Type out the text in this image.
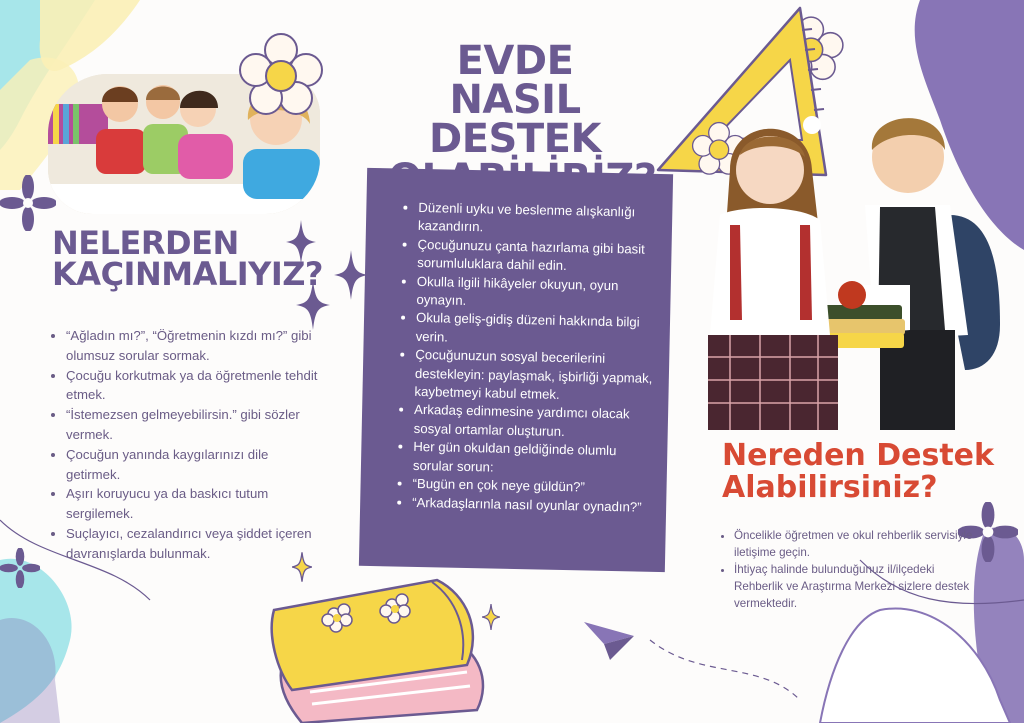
EVDE NASIL DESTEK
• Düzenli uyku ve beslenme alışkanlığı kazandırın.
• Çocuğunuzu çanta hazırlama gibi basit sorumluluklara dahil edin.
• Okulla ilgili hikâyeler okuyun, oyun oynayın.
• Okula geliş-gidiş düzeni hakkında bilgi verin.
• Çocuğunuzun sosyal becerilerini destekleyin: paylaşmak, işbirliği yapmak, kaybetmeyi kabul etmek.
• Arkadaş edinmesine yardımcı olacak sosyal ortamlar oluşturun.
• Her gün okuldan geldiğinde olumlu sorular sorun:
• “Bugün en çok neye güldün?”
• “Arkadaşlarınla nasıl oyunlar oynadın?”
NELERDEN KAÇINMALIYIZ?
• “Ağladın mı?”, “Öğretmenin kızdı mı?” gibi olumsuz sorular sormak.
• Çocuğu korkutmak ya da öğretmenle tehdit etmek.
• “İstemezsen gelmeyebilirsin.” gibi sözler vermek.
• Çocuğun yanında kaygılarınızı dile getirmek.
• Aşırı koruyucu ya da baskıcı tutum sergilemek.
• Suçlayıcı, cezalandırıcı veya şiddet içeren davranışlarda bulunmak.
Nereden Destek Alabilirsiniz?
• Öncelikle öğretmen ve okul rehberlik servisiyle iletişime geçin.
• İhtiyaç halinde bulunduğunuz il/ilçedeki Rehberlik ve Araştırma Merkezi sizlere destek vermektedir.
